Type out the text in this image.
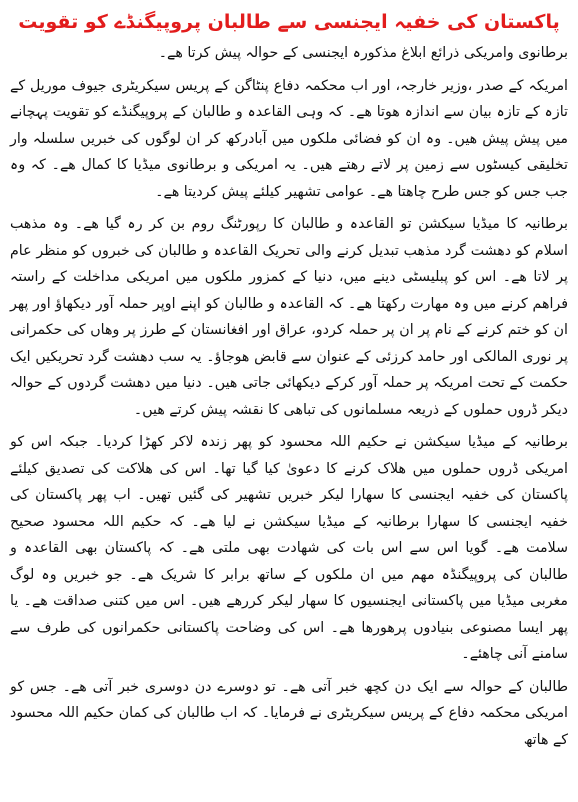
پاکستان کی خفیہ ایجنسی سے طالبان پروپیگنڈے کو تقویت

برطانوی وامریکی ذرائع ابلاغ مذکورہ ایجنسی کے حوالہ پیش کرتا ھے۔

امریکہ کے صدر ،وزیر خارجہ، اور اب محکمہ دفاع پنٹاگن کے پریس سیکریٹری جیوف موریل کے تازہ کے تازہ بیان سے اندازہ ھوتا ھے۔ کہ وہی القاعدہ و طالبان کے پروپیگنڈے کو تقویت پہچانے میں پیش پیش ھیں۔ وہ ان کو فضائی ملکوں میں آبادرکھ کر ان لوگوں کی خبریں سلسلہ وار تخلیقی کیسٹوں سے زمین پر لاتے رھتے ھیں۔ یہ امریکی و برطانوی میڈیا کا کمال ھے۔ کہ وہ جب جس کو جس طرح چاھتا ھے۔ عوامی تشھیر کیلئے پیش کردیتا ھے۔

برطانیہ کا میڈیا سیکشن تو القاعدہ و طالبان کا رپورٹنگ روم بن کر رہ گیا ھے۔ وہ مذھب اسلام کو دھشت گرد مذھب تبدیل کرنے والی تحریک القاعدہ و طالبان کی خبروں کو منظر عام پر لاتا ھے۔ اس کو پبلیسٹی دینے میں، دنیا کے کمزور ملکوں میں امریکی مداخلت کے راستہ فراھم کرنے میں وہ مھارت رکھتا ھے۔ کہ القاعدہ و طالبان کو اپنے اوپر حملہ آور دیکھاؤ اور پھر ان کو ختم کرنے کے نام پر ان پر حملہ کردو، عراق اور افغانستان کے طرز پر وھاں کی حکمرانی پر نوری المالکی اور حامد کرزئی کے عنوان سے قابض ھوجاؤ۔ یہ سب دھشت گرد تحریکیں ایک حکمت کے تحت امریکہ پر حملہ آور کرکے دیکھائی جاتی ھیں۔ دنیا میں دھشت گردوں کے حوالہ دیکر ڈروں حملوں کے ذریعہ مسلمانوں کی تباھی کا نقشہ پیش کرتے ھیں۔

برطانیہ کے میڈیا سیکشن نے حکیم اللہ محسود کو پھر زندہ لاکر کھڑا کردیا۔ جبکہ اس کو امریکی ڈروں حملوں میں ھلاک کرنے کا دعویٰ کیا گیا تھا۔ اس کی ھلاکت کی تصدیق کیلئے پاکستان کی خفیہ ایجنسی کا سھارا لیکر خبریں تشھیر کی گئیں تھیں۔ اب پھر پاکستان کی خفیہ ایجنسی کا سھارا برطانیہ کے میڈیا سیکشن نے لیا ھے۔ کہ حکیم اللہ محسود صحیح سلامت ھے۔ گویا اس سے اس بات کی شھادت بھی ملتی ھے۔ کہ پاکستان بھی القاعدہ و طالبان کی پروپیگنڈہ مھم میں ان ملکوں کے ساتھ برابر کا شریک ھے۔ جو خبریں وہ لوگ مغربی میڈیا میں پاکستانی ایجنسیوں کا سھار لیکر کررھے ھیں۔ اس میں کتنی صداقت ھے۔ یا پھر ایسا مصنوعی بنیادوں پرھورھا ھے۔ اس کی وضاحت پاکستانی حکمرانوں کی طرف سے سامنے آنی چاھئے۔

طالبان کے حوالہ سے ایک دن کچھ خبر آتی ھے۔ تو دوسرے دن دوسری خبر آتی ھے۔ جس کو امریکی محکمہ دفاع کے پریس سیکریٹری نے فرمایا۔ کہ اب طالبان کی کمان حکیم اللہ محسود کے ھاتھ
